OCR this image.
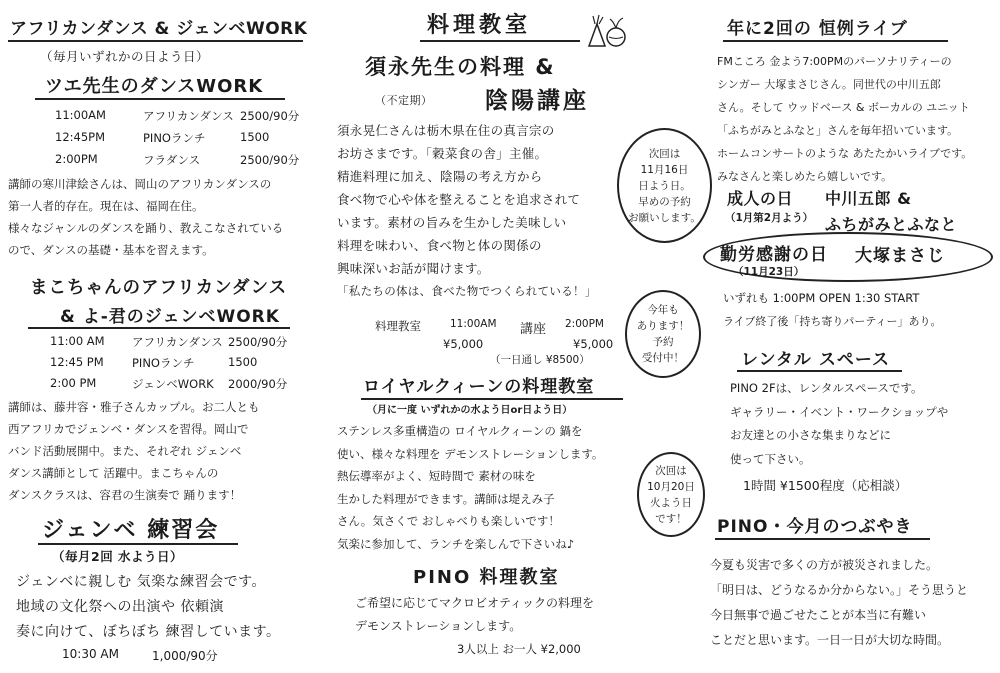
アフリカンダンス & ジェンベWORK
（毎月いずれかの日よう日）
ツエ先生のダンスWORK
11:00AM	アフリカンダンス 2500/90分
12:45PM	PINOランチ	1500
2:00PM	フラダンス	2500/90分
講師の寒川津絵さんは、岡山のアフリカンダンスの
第一人者的存在。現在は、福岡在住。
様々なジャンルのダンスを踊り、教えこなされている
ので、ダンスの基礎・基本を習えます。
まこちゃんのアフリカンダンス
& よ-君のジェンベWORK
11:00 AM アフリカンダンス 2500/90分
12:45 PM PINOランチ	1500
2:00 PM	ジェンベWORK 2000/90分
講師は、藤井容・雅子さんカップル。お二人とも
西アフリカでジェンベ・ダンスを習得。岡山で
バンド活動展開中。また、それぞれ ジェンベ
ダンス講師として 活躍中。まこちゃんの
ダンスクラスは、容君の生演奏で 踊ります！
ジェンベ 練習会
（毎月2回 水よう日）
ジェンベに親しむ 気楽な練習会です。
地域の文化祭への出演や 依頼演
奏に向けて、ぼちぼち 練習しています。
10:30 AM	1,000/90分
料理教室
須永先生の料理 &
（不定期） 陰陽講座
須永晃仁さんは栃木県在住の真言宗の
お坊さまです。「穀菜食の舎」主催。
精進料理に加え、陰陽の考え方から
食べ物で心や体を整えることを追求されて
います。素材の旨みを生かした美味しい
料理を味わい、食べ物と体の関係の
興味深いお話が聞けます。
「私たちの体は、食べた物でつくられている！」
料理教室	11:00AM 講座 2:00PM
¥5,000	¥5,000
（一日通し ¥8500）
次回は
11月16日
日よう日。
早めの予約
お願いします。
今年も
あります！
予約
受付中！
ロイヤルクィーンの料理教室
（月に一度 いずれかの水よう日or日よう日）
ステンレス多重構造の ロイヤルクィーンの 鍋を
使い、様々な料理を デモンストレーションします。
熱伝導率がよく、短時間で 素材の味を
生かした料理ができます。講師は堤えみ子
さん。気さくで おしゃべりも楽しいです！
気楽に参加して、ランチを楽しんで下さいね♪
次回は
10月20日
火よう日
です！
PINO 料理教室
ご希望に応じてマクロビオティックの料理を
デモンストレーションします。
3人以上 お一人 ¥2,000
年に2回の 恒例ライブ
FMこころ 金よう7:00PMのパーソナリティーの
シンガー 大塚まさじさん。同世代の中川五郎
さん。そして ウッドベース & ボーカルの ユニット
「ふちがみとふなと」さんを毎年招いています。
ホームコンサートのような あたたかいライブです。
みなさんと楽しめたら嬉しいです。
成人の日
（1月第2月よう）
中川五郎 &
ふちがみとふなと
勤労感謝の日
（11月23日）
大塚まさじ
いずれも 1:00PM OPEN 1:30 START
ライブ終了後「持ち寄りパーティー」あり。
レンタル スペース
PINO 2Fは、レンタルスペースです。
ギャラリー・イベント・ワークショップや
お友達との小さな集まりなどに
使って下さい。
1時間 ¥1500程度（応相談）
PINO・今月のつぶやき
今夏も災害で多くの方が被災されました。
「明日は、どうなるか分からない。」そう思うと
今日無事で過ごせたことが本当に有難い
ことだと思います。一日一日が大切な時間。
